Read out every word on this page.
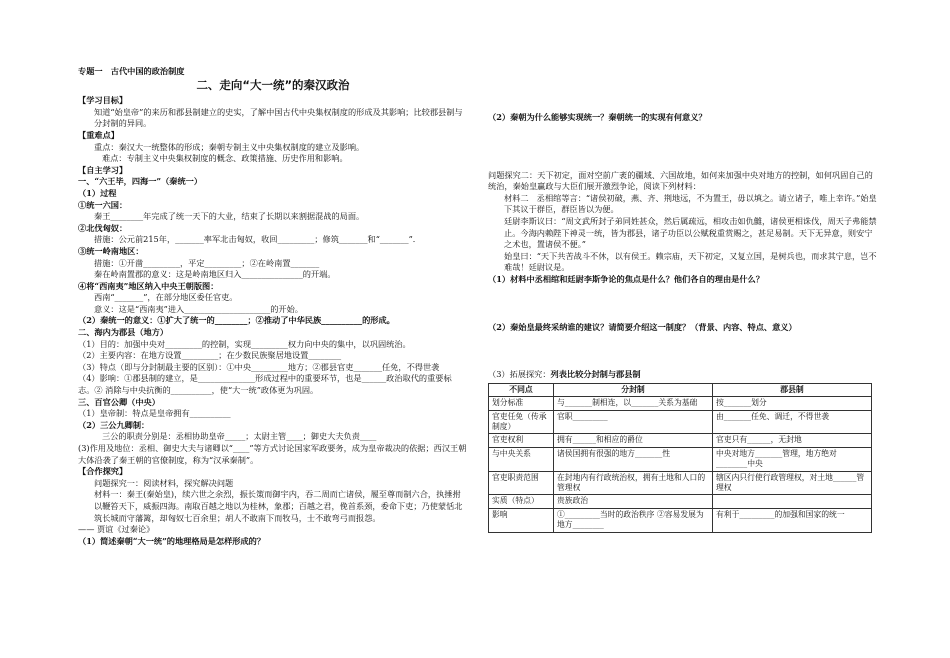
专题一　古代中国的政治制度
二、走向“大一统”的秦汉政治
【学习目标】
知道“始皇帝”的来历和郡县制建立的史实，了解中国古代中央集权制度的形成及其影响；比较郡县制与分封制的异同。
【重难点】
重点：秦汉大一统整体的形成；秦朝专制主义中央集权制度的建立及影响。
难点：专制主义中央集权制度的概念、政策措施、历史作用和影响。
【自主学习】
一、“六王毕，四海一”（秦统一）
（1）过程
①统一六国：
秦王________年完成了统一天下的大业，结束了长期以来割据混战的局面。
②北伐匈奴：
措施：公元前215年，_______率军北击匈奴，收回_________；修筑_______和“_______”．
③统一岭南地区：
措施：①开凿_________，平定_________；②在岭南置_______
秦在岭南置郡的意义：这是岭南地区归入_______________的开端。
④将“西南夷”地区纳入中央王朝版图：
西南“_______”，在部分地区委任官吏。
意义：这是“西南夷”进入_____________________的开始。
（2）秦统一的意义：①扩大了统一的________；②推动了中华民族__________的形成。
二、海内为郡县（地方）
（1）目的：加强中央对_________的控制，实现_________权力向中央的集中，以巩固统治。
（2）主要内容：在地方设置_________；在少数民族聚居地设置________
（3）特点（即与分封制最主要的区别）：①中央_________地方；②郡县官吏_______任免，不得世袭
（4）影响：①郡县制的建立，是______________形成过程中的重要环节，也是______政治取代的重要标志。② 消除与中央抗衡的__________，使“大一统”政体更为巩固。
三、百官公卿（中央）
（1）皇帝制：特点是皇帝拥有__________
（2）三公九卿制：
三公的职责分别是：丞相协助皇帝_____；太尉主管____；御史大夫负责____
(3)作用及地位：丞相、御史大夫与诸卿以“____”等方式讨论国家军政要务，成为皇帝裁决的依据；西汉王朝大体沿袭了秦王朝的官僚制度，称为“汉承秦制”。
【合作探究】
问题探究一：阅读材料，探究解决问题
材料一：秦王(秦始皇)，续六世之余烈，振长策而御宇内，吞二周而亡诸侯，履至尊而制六合，执捶拊以鞭笞天下，威振四海。南取百越之地以为桂林，象郡；百越之君，俛首系颈，委命下吏；乃使蒙恬北筑长城而守藩篱，却匈奴七百余里；胡人不敢南下而牧马，士不敢弯弓而报怨。
—— 贾谊《过秦论》
（1）简述秦朝“大一统”的地理格局是怎样形成的？
（2）秦朝为什么能够实现统一？秦朝统一的实现有何意义？
问题探究二：天下初定，面对空前广袤的疆域、六国故地，如何来加强中央对地方的控制，如何巩固自己的统治，秦始皇赢政与大臣们展开激烈争论，阅读下列材料：
材料二　丞相绾等言：“诸侯初破，燕、齐、荆地远，不为置王，毋以填之。请立诸子，唯上幸许。”始皇下其议于群臣，群臣皆以为便。
廷尉李斯议曰：“周文武所封子弟同姓甚众，然后属疏远，相攻击如仇雠，诸侯更相诛伐，周天子弗能禁止。今海内赖陛下神灵一统，皆为郡县，诸子功臣以公赋税重赏赐之，甚足易制。天下无异意，则安宁之术也，置诸侯不便。”
始皇曰：“天下共苦战斗不休，以有侯王。赖宗庙，天下初定，又复立国，是树兵也，而求其宁息，岂不难哉！廷尉议是。
（1）材料中丞相绾和廷尉李斯争论的焦点是什么？他们各自的理由是什么？
（2）秦始皇最终采纳谁的建议？请简要介绍这一制度？（背景、内容、特点、意义）
（3）拓展探究：列表比较分封制与郡县制
不同点	分封制	郡县制
划分标准	与_______制相连，以_______关系为基础	按_______划分
官吏任免（传承制度）	官职_________	由_______任免、调迁，不得世袭
官吏权利	拥有______和相应的爵位	官吏只有______，无封地
与中央关系	诸侯国拥有很强的地方_______性	中央对地方_______管理，地方绝对________中央
官吏职责范围	在封地内有行政统治权，拥有土地和人口的管理权	辖区内只行使行政管理权，对土地______管理权
实质（特点）	贵族政治	
影响	①_________当时的政治秩序 ②容易发展为地方________	有利于_________的加强和国家的统一
